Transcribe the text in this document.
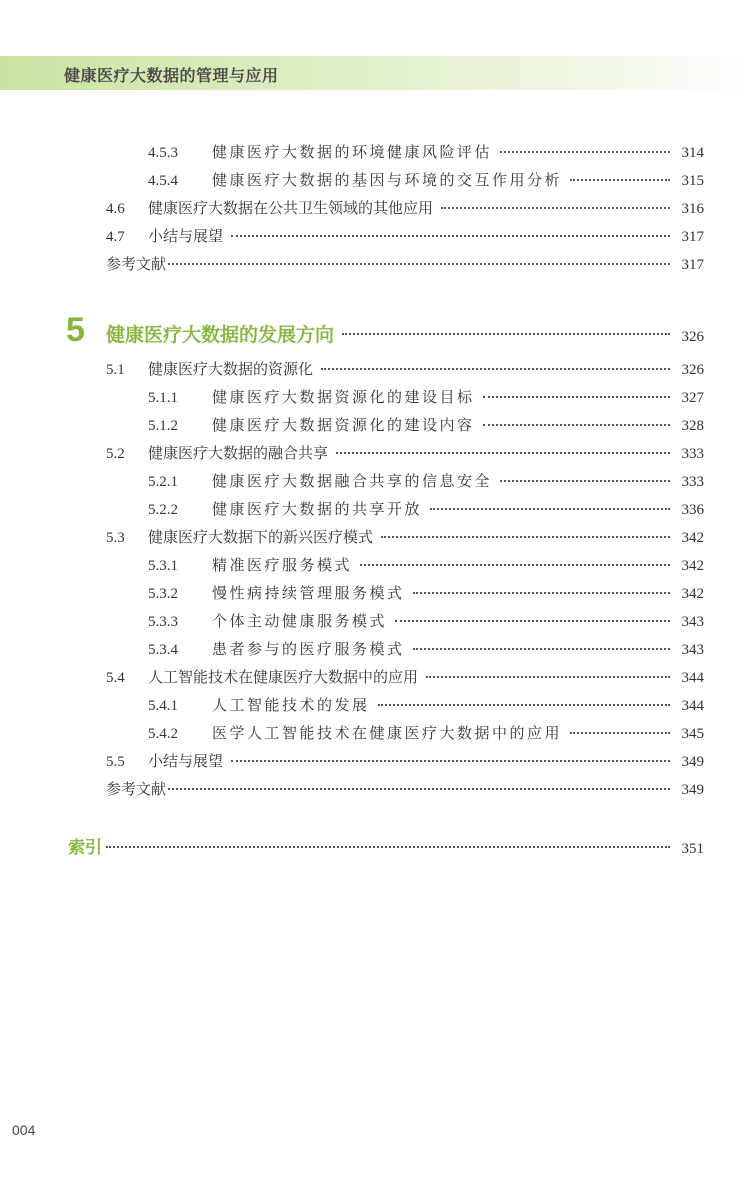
健康医疗大数据的管理与应用
4.5.3	健康医疗大数据的环境健康风险评估	314
4.5.4	健康医疗大数据的基因与环境的交互作用分析	315
4.6	健康医疗大数据在公共卫生领域的其他应用	316
4.7	小结与展望	317
参考文献	317
5 健康医疗大数据的发展方向	326
5.1	健康医疗大数据的资源化	326
5.1.1	健康医疗大数据资源化的建设目标	327
5.1.2	健康医疗大数据资源化的建设内容	328
5.2	健康医疗大数据的融合共享	333
5.2.1	健康医疗大数据融合共享的信息安全	333
5.2.2	健康医疗大数据的共享开放	336
5.3	健康医疗大数据下的新兴医疗模式	342
5.3.1	精准医疗服务模式	342
5.3.2	慢性病持续管理服务模式	342
5.3.3	个体主动健康服务模式	343
5.3.4	患者参与的医疗服务模式	343
5.4	人工智能技术在健康医疗大数据中的应用	344
5.4.1	人工智能技术的发展	344
5.4.2	医学人工智能技术在健康医疗大数据中的应用	345
5.5	小结与展望	349
参考文献	349
索引	351
004
